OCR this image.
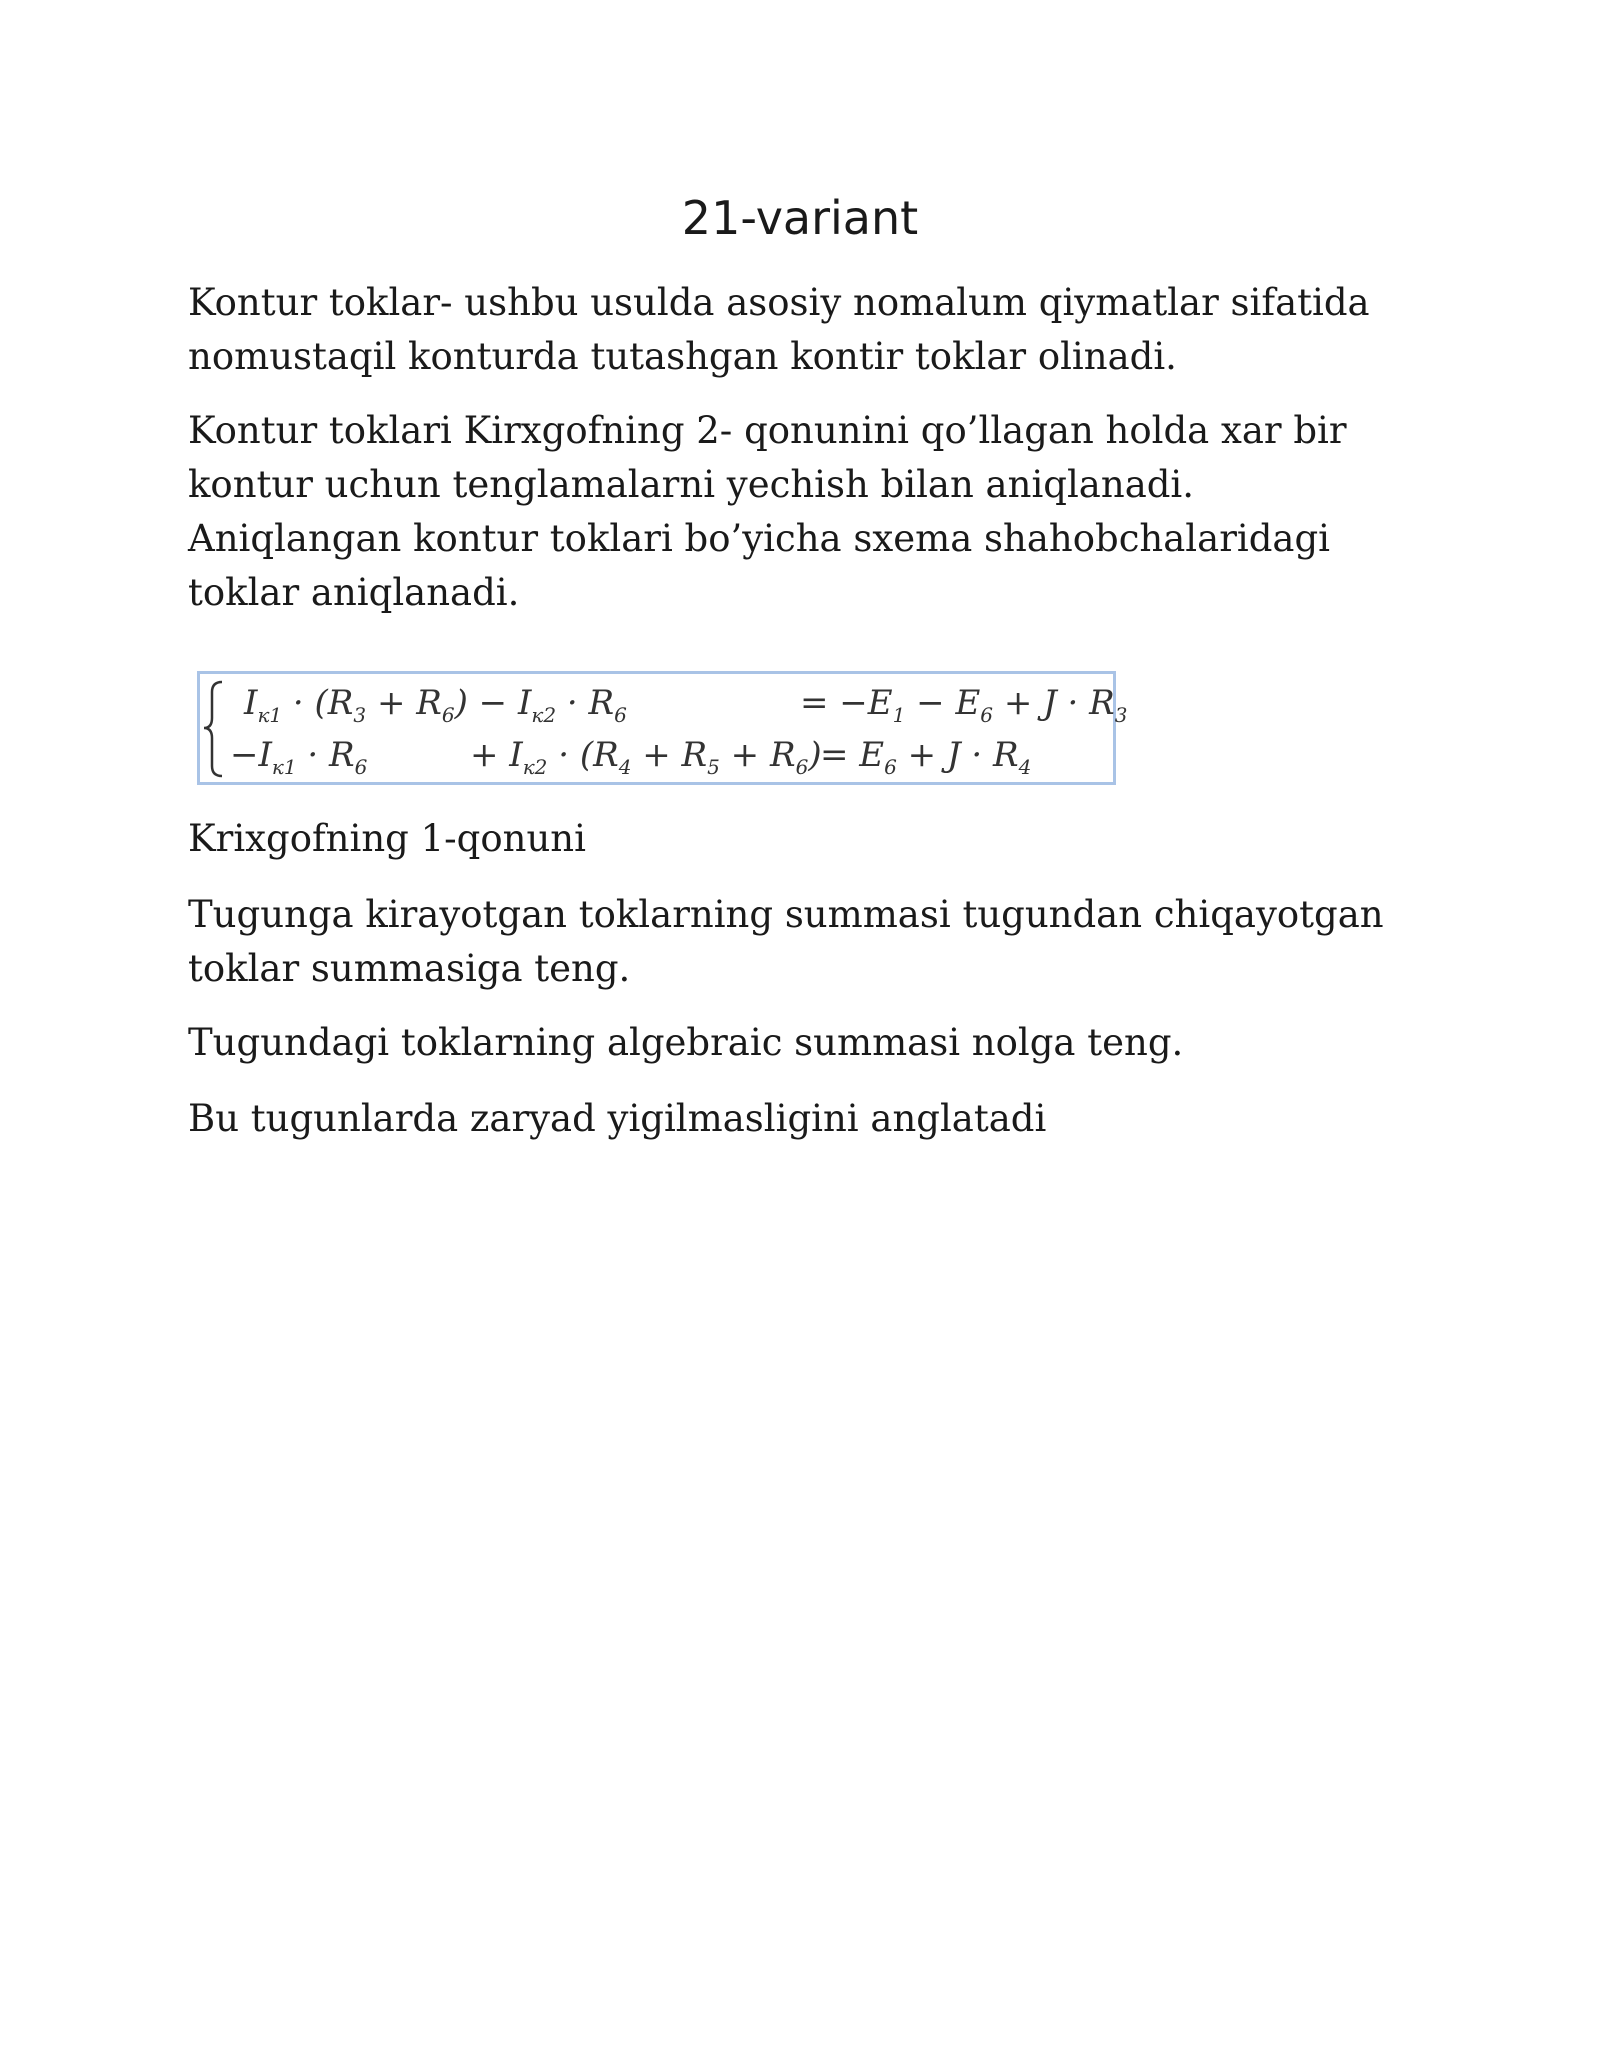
21-variant

Kontur toklar- ushbu usulda asosiy nomalum qiymatlar sifatida nomustaqil konturda tutashgan kontir toklar olinadi.

Kontur toklari Kirxgofning 2- qonunini qo’llagan holda xar bir kontur uchun tenglamalarni yechish bilan aniqlanadi. Aniqlangan kontur toklari bo’yicha sxema shahobchalaridagi toklar aniqlanadi.

$I_{к1} \cdot (R_3 + R_6) - I_{к2} \cdot R_6$	= $-E_1 - E_6 + J \cdot R_3$
$-I_{к1} \cdot R_6$	+ $I_{к2} \cdot (R_4 + R_5 + R_6)$
= $E_6 + J \cdot R_4$

Krixgofning 1-qonuni

Tugunga kirayotgan toklarning summasi tugundan chiqayotgan toklar summasiga teng.

Tugundagi toklarning algebraic summasi nolga teng.

Bu tugunlarda zaryad yigilmasligini anglatadi
